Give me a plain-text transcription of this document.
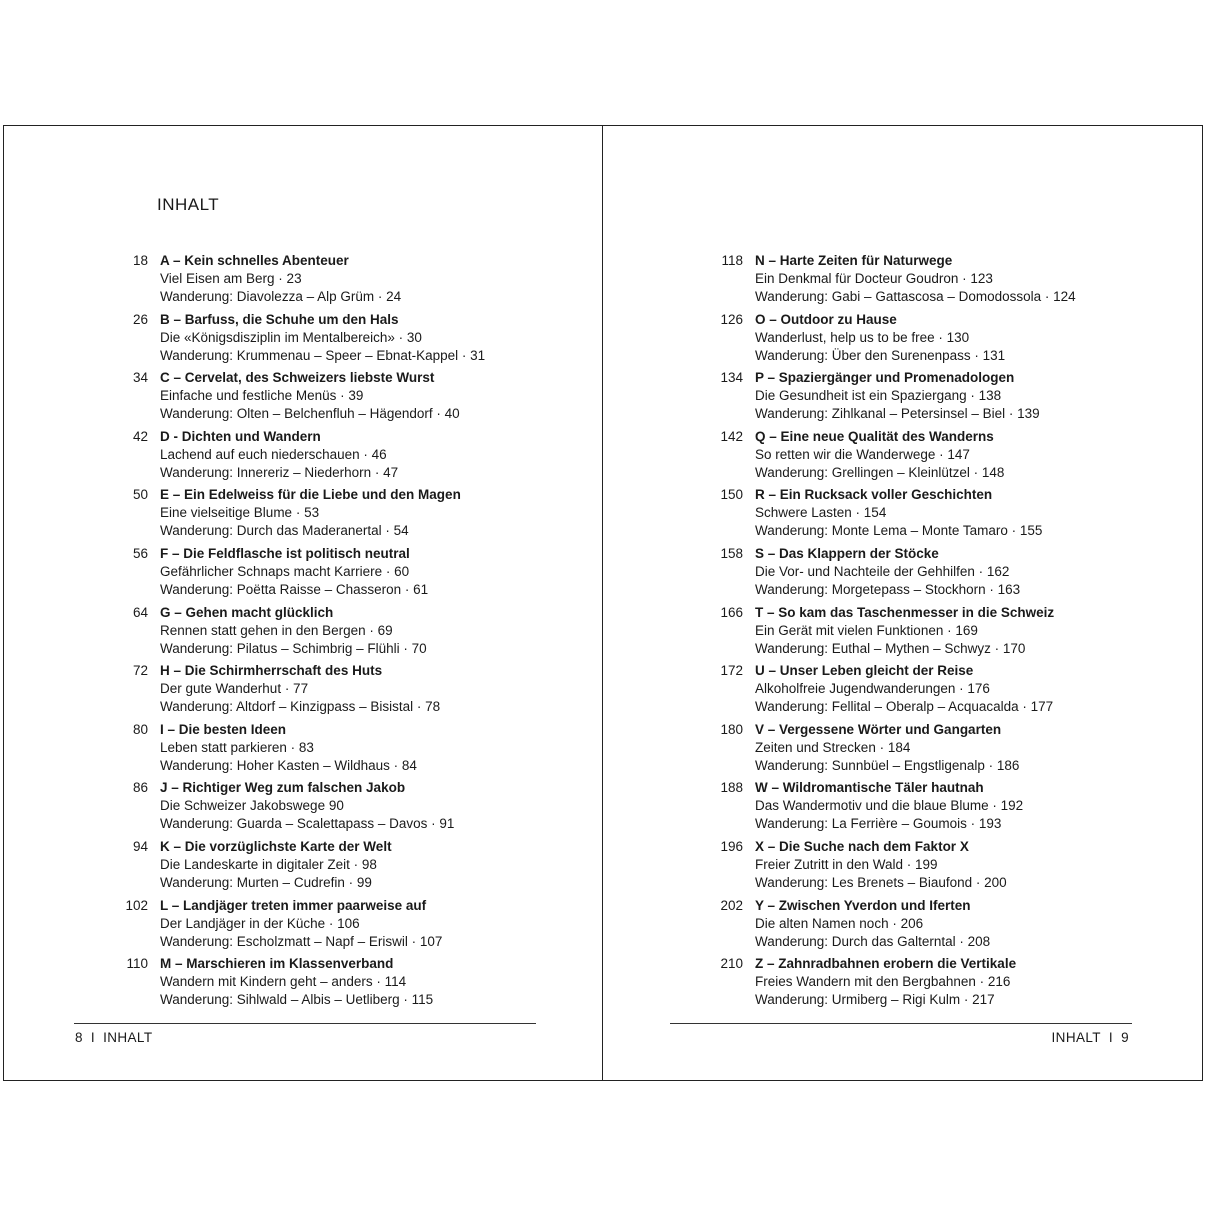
INHALT
18 A – Kein schnelles Abenteuer
Viel Eisen am Berg · 23
Wanderung: Diavolezza – Alp Grüm · 24
26 B – Barfuss, die Schuhe um den Hals
Die «Königsdisziplin im Mentalbereich» · 30
Wanderung: Krummenau – Speer – Ebnat-Kappel · 31
34 C – Cervelat, des Schweizers liebste Wurst
Einfache und festliche Menüs · 39
Wanderung: Olten – Belchenfluh – Hägendorf · 40
42 D - Dichten und Wandern
Lachend auf euch niederschauen · 46
Wanderung: Innereriz – Niederhorn · 47
50 E – Ein Edelweiss für die Liebe und den Magen
Eine vielseitige Blume · 53
Wanderung: Durch das Maderanertal · 54
56 F – Die Feldflasche ist politisch neutral
Gefährlicher Schnaps macht Karriere · 60
Wanderung: Poëtta Raisse – Chasseron · 61
64 G – Gehen macht glücklich
Rennen statt gehen in den Bergen · 69
Wanderung: Pilatus – Schimbrig – Flühli · 70
72 H – Die Schirmherrschaft des Huts
Der gute Wanderhut · 77
Wanderung: Altdorf – Kinzigpass – Bisistal · 78
80 I – Die besten Ideen
Leben statt parkieren · 83
Wanderung: Hoher Kasten – Wildhaus · 84
86 J – Richtiger Weg zum falschen Jakob
Die Schweizer Jakobswege 90
Wanderung: Guarda – Scalettapass – Davos · 91
94 K – Die vorzüglichste Karte der Welt
Die Landeskarte in digitaler Zeit · 98
Wanderung: Murten – Cudrefin · 99
102 L – Landjäger treten immer paarweise auf
Der Landjäger in der Küche · 106
Wanderung: Escholzmatt – Napf – Eriswil · 107
110 M – Marschieren im Klassenverband
Wandern mit Kindern geht – anders · 114
Wanderung: Sihlwald – Albis – Uetliberg · 115
8 I INHALT
118 N – Harte Zeiten für Naturwege
Ein Denkmal für Docteur Goudron · 123
Wanderung: Gabi – Gattascosa – Domodossola · 124
126 O – Outdoor zu Hause
Wanderlust, help us to be free · 130
Wanderung: Über den Surenenpass · 131
134 P – Spaziergänger und Promenadologen
Die Gesundheit ist ein Spaziergang · 138
Wanderung: Zihlkanal – Petersinsel – Biel · 139
142 Q – Eine neue Qualität des Wanderns
So retten wir die Wanderwege · 147
Wanderung: Grellingen – Kleinlützel · 148
150 R – Ein Rucksack voller Geschichten
Schwere Lasten · 154
Wanderung: Monte Lema – Monte Tamaro · 155
158 S – Das Klappern der Stöcke
Die Vor- und Nachteile der Gehhilfen · 162
Wanderung: Morgetepass – Stockhorn · 163
166 T – So kam das Taschenmesser in die Schweiz
Ein Gerät mit vielen Funktionen · 169
Wanderung: Euthal – Mythen – Schwyz · 170
172 U – Unser Leben gleicht der Reise
Alkoholfreie Jugendwanderungen · 176
Wanderung: Fellital – Oberalp – Acquacalda · 177
180 V – Vergessene Wörter und Gangarten
Zeiten und Strecken · 184
Wanderung: Sunnbüel – Engstligenalp · 186
188 W – Wildromantische Täler hautnah
Das Wandermotiv und die blaue Blume · 192
Wanderung: La Ferrière – Goumois · 193
196 X – Die Suche nach dem Faktor X
Freier Zutritt in den Wald · 199
Wanderung: Les Brenets – Biaufond · 200
202 Y – Zwischen Yverdon und Iferten
Die alten Namen noch · 206
Wanderung: Durch das Galterntal · 208
210 Z – Zahnradbahnen erobern die Vertikale
Freies Wandern mit den Bergbahnen · 216
Wanderung: Urmiberg – Rigi Kulm · 217
INHALT I 9
